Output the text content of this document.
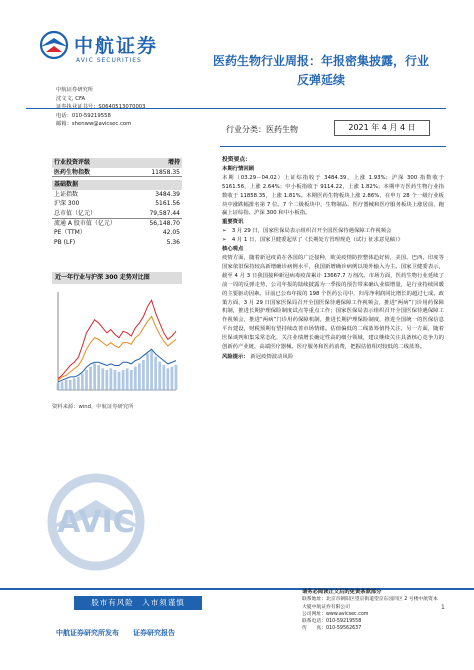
中航证券
AVIC SECURITIES	医药生物行业周报：年报密集披露，行业
反弹延续
中航证券研究所
沈文文, CFA
电话：010-59219558
邮箱：shenww@avicsec.com
行业分类：医药生物	2021 年 4 月 4 日
行业投资评级	增持
医药生物指数	11858.35
基础数据
上证指数	3484.39
沪深 300	5161.56
总市值（亿元）	79,587.44
流通 A 股市值（亿元）	56,148.70
PE（TTM）	42.05
PB (LF)	5.36
近一年行业与沪深 300 走势对比图
资料来源：wind，中航证券研究所
AVIC
投资要点：
本期行情回顾

本期（03.29－04.02）上证综指收于 3484.39，上涨 1.93%；沪深 300 指数收于 5161.56，上涨 2.64%；中小板指收于 9114.22，上涨 1.82%；本期申万医药生物行业指数收于 11858.35，上涨 1.81%。本期医药生物板块上涨 2.86%，在申万 28 个一级行业板块中涨跌幅排名第 7 位。7 个二级板块中，生物制品、医疗器械和医疗服务板块上涨居前，跑赢上证综指、沪深 300 和中小板指。

重要资讯

➢　3 月 29 日，国家医保局表示组织召开全国医保待遇保障工作视频会

➢　4 月 1 日，国家卫健委起草了《长期处方管理规范（试行 征求意见稿）》

核心观点

疫情方面，随着新冠疫苗在各国的广泛接种，欧美疫情防控整体趋好转，美国、巴西、印度等国家依旧保持较高新增确诊病例水平，我国新增确诊病例以境外输入为主。国家卫健委表示，截至 4 月 3 日我国接种新冠病毒疫苗累计 13667.7 万剂次。市场方面，医药生物行业延续了前一周的反弹走势，公司年报的陆续披露为一季报的预告带来确认业绩增量，是行业持续回暖的主要驱动因素。目前已公布年报的 198 个医药公司中，归母净利润同比增长的超过七成。政策方面，3 月 29 日国家医保局召开全国医保待遇保障工作视频会，推进“两病”门诊用药保障机制，推进长期护理保险制度试点等重点工作；国家医保局表示组织召开全国医保待遇保障工作视频会，推进“两病”门诊用药保障机制，推进长期护理保险制度，推进全国统一的医保信息平台建设，财税预期有望持续改善市场情绪。估值偏低的二线蓝筹值得关注，另一方面，随着医保谈判和集采常态化，关注业绩增长确定性高的细分领域，建议继续关注具备核心竞争力的创新药产业链、高端医疗器械、医疗服务和医药消费，把握估值相对较低的二线蓝筹。

风险提示： 新冠疫情波动风险
股市有风险　入市须谨慎
中航证券研究所发布　　证券研究报告
请务必阅读正文后的免责条款部分
联系地址：北京市朝阳区望京街道望京东园四区 2 号楼中航资本大厦中航证券有限公司
公司网址：www.avicsec.com
联系电话：010-59219558
传　　真：010-59562637
1
